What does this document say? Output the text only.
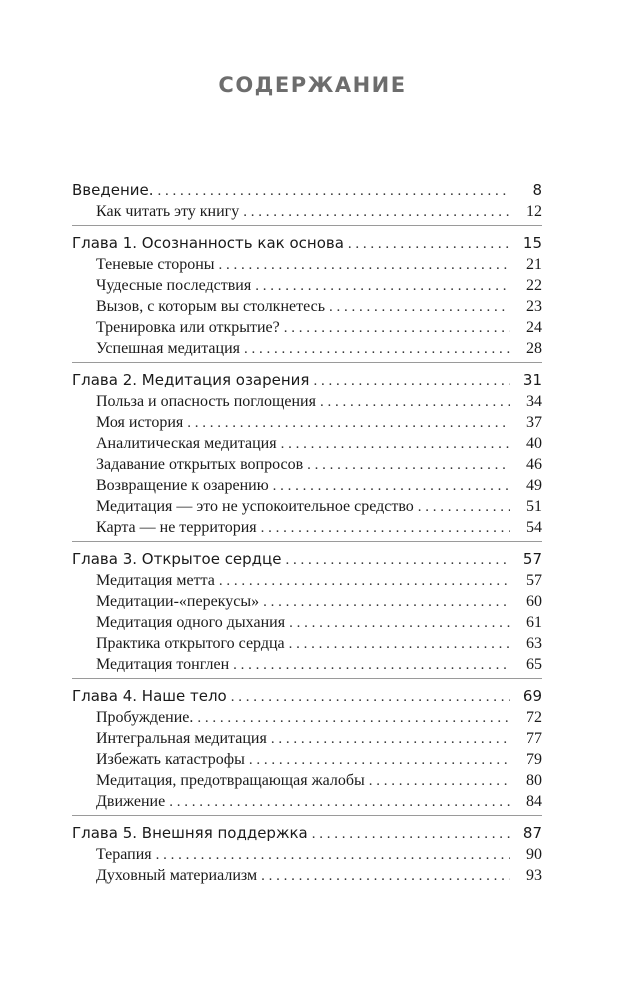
СОДЕРЖАНИЕ
Введение. . . .	8
Как читать эту книгу . . .	12
Глава 1. Осознанность как основа . . .	15
Теневые стороны . . .	21
Чудесные последствия . . .	22
Вызов, с которым вы столкнетесь . . .	23
Тренировка или открытие? . . .	24
Успешная медитация . . .	28
Глава 2. Медитация озарения . . .	31
Польза и опасность поглощения . . .	34
Моя история . . .	37
Аналитическая медитация . . .	40
Задавание открытых вопросов . . .	46
Возвращение к озарению . . .	49
Медитация — это не успокоительное средство . . .	51
Карта — не территория . . .	54
Глава 3. Открытое сердце . . .	57
Медитация метта . . .	57
Медитации-«перекусы» . . .	60
Медитация одного дыхания . . .	61
Практика открытого сердца . . .	63
Медитация тонглен . . .	65
Глава 4. Наше тело . . .	69
Пробуждение. . . .	72
Интегральная медитация . . .	77
Избежать катастрофы . . .	79
Медитация, предотвращающая жалобы . . .	80
Движение . . .	84
Глава 5. Внешняя поддержка . . .	87
Терапия . . .	90
Духовный материализм . . .	93
